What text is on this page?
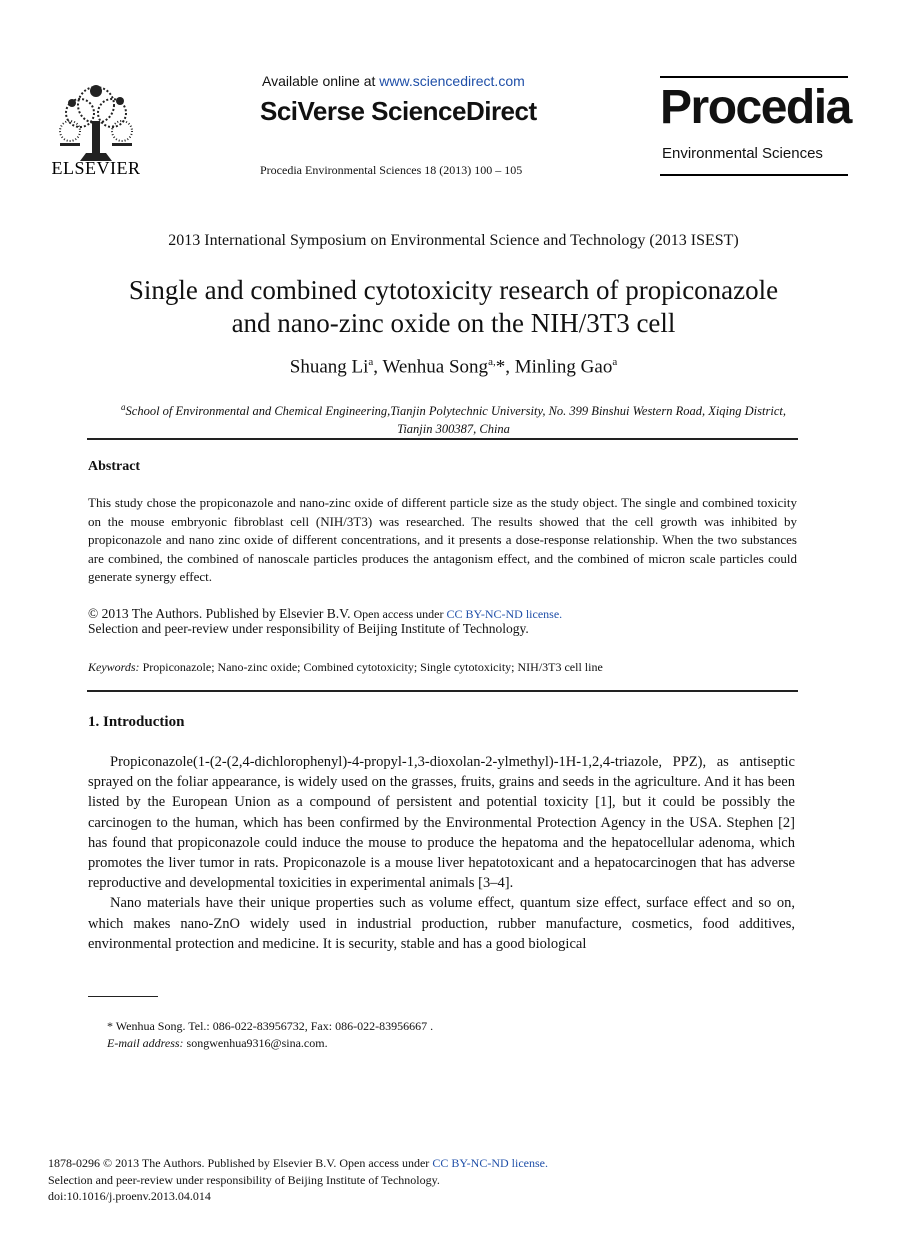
ELSEVIER
Available online at www.sciencedirect.com
SciVerse ScienceDirect
Procedia Environmental Sciences 18 (2013) 100 – 105
Procedia
Environmental Sciences
2013 International Symposium on Environmental Science and Technology (2013 ISEST)
Single and combined cytotoxicity research of propiconazole
and nano-zinc oxide on the NIH/3T3 cell
Shuang Li$^a$, Wenhua Song$^{a,}$*, Minling Gao$^a$
$^a$School of Environmental and Chemical Engineering,Tianjin Polytechnic University, No. 399 Binshui Western Road, Xiqing District,
Tianjin 300387, China
Abstract
This study chose the propiconazole and nano-zinc oxide of different particle size as the study object. The single and combined toxicity on the mouse embryonic fibroblast cell (NIH/3T3) was researched. The results showed that the cell growth was inhibited by propiconazole and nano zinc oxide of different concentrations, and it presents a dose-response relationship. When the two substances are combined, the combined of nanoscale particles produces the antagonism effect, and the combined of micron scale particles could generate synergy effect.
© 2013 The Authors. Published by Elsevier B.V. Open access under CC BY-NC-ND license.
Selection and peer-review under responsibility of Beijing Institute of Technology.
Keywords: Propiconazole; Nano-zinc oxide; Combined cytotoxicity; Single cytotoxicity; NIH/3T3 cell line
1. Introduction

Propiconazole(1-(2-(2,4-dichlorophenyl)-4-propyl-1,3-dioxolan-2-ylmethyl)-1H-1,2,4-triazole, PPZ), as antiseptic sprayed on the foliar appearance, is widely used on the grasses, fruits, grains and seeds in the agriculture. And it has been listed by the European Union as a compound of persistent and potential toxicity [1], but it could be possibly the carcinogen to the human, which has been confirmed by the Environmental Protection Agency in the USA. Stephen [2] has found that propiconazole could induce the mouse to produce the hepatoma and the hepatocellular adenoma, which promotes the liver tumor in rats. Propiconazole is a mouse liver hepatotoxicant and a hepatocarcinogen that has adverse reproductive and developmental toxicities in experimental animals [3–4].

Nano materials have their unique properties such as volume effect, quantum size effect, surface effect and so on, which makes nano-ZnO widely used in industrial production, rubber manufacture, cosmetics, food additives, environmental protection and medicine. It is security, stable and has a good biological

* Wenhua Song. Tel.: 086-022-83956732, Fax: 086-022-83956667 .
E-mail address: songwenhua9316@sina.com.
1878-0296 © 2013 The Authors. Published by Elsevier B.V. Open access under CC BY-NC-ND license.
Selection and peer-review under responsibility of Beijing Institute of Technology.
doi:10.1016/j.proenv.2013.04.014
